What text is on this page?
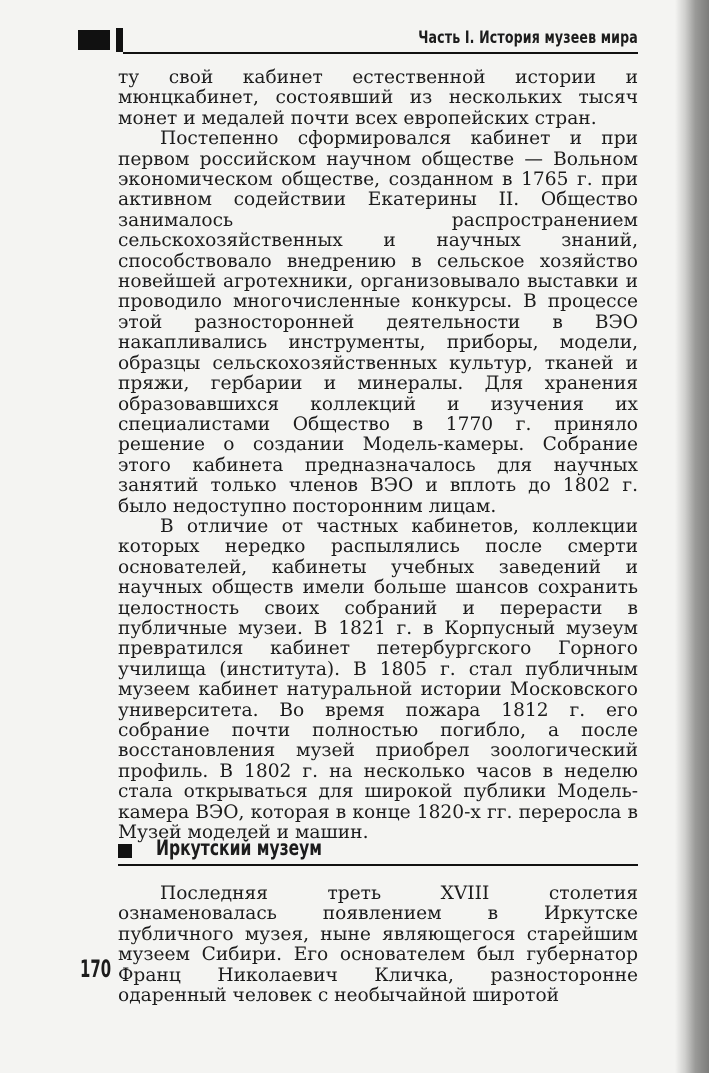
Часть I. История музеев мира

ту свой кабинет естественной истории и мюнцкабинет, состоявший из нескольких тысяч монет и медалей почти всех европейских стран.

Постепенно сформировался кабинет и при первом российском научном обществе — Вольном экономическом обществе, созданном в 1765 г. при активном содействии Екатерины II. Общество занималось распространением сельскохозяйственных и научных знаний, способствовало внедрению в сельское хозяйство новейшей агротехники, организовывало выставки и проводило многочисленные конкурсы. В процессе этой разносторонней деятельности в ВЭО накапливались инструменты, приборы, модели, образцы сельскохозяйственных культур, тканей и пряжи, гербарии и минералы. Для хранения образовавшихся коллекций и изучения их специалистами Общество в 1770 г. приняло решение о создании Модель-камеры. Собрание этого кабинета предназначалось для научных занятий только членов ВЭО и вплоть до 1802 г. было недоступно посторонним лицам.

В отличие от частных кабинетов, коллекции которых нередко распылялись после смерти основателей, кабинеты учебных заведений и научных обществ имели больше шансов сохранить целостность своих собраний и перерасти в публичные музеи. В 1821 г. в Корпусный музеум превратился кабинет петербургского Горного училища (института). В 1805 г. стал публичным музеем кабинет натуральной истории Московского университета. Во время пожара 1812 г. его собрание почти полностью погибло, а после восстановления музей приобрел зоологический профиль. В 1802 г. на несколько часов в неделю стала открываться для широкой публики Модель-камера ВЭО, которая в конце 1820-х гг. переросла в Музей моделей и машин.

Иркутский музеум

Последняя треть XVIII столетия ознаменовалась появлением в Иркутске публичного музея, ныне являющегося старейшим музеем Сибири. Его основателем был губернатор Франц Николаевич Кличка, разносторонне одаренный человек с необычайной широтой

170
